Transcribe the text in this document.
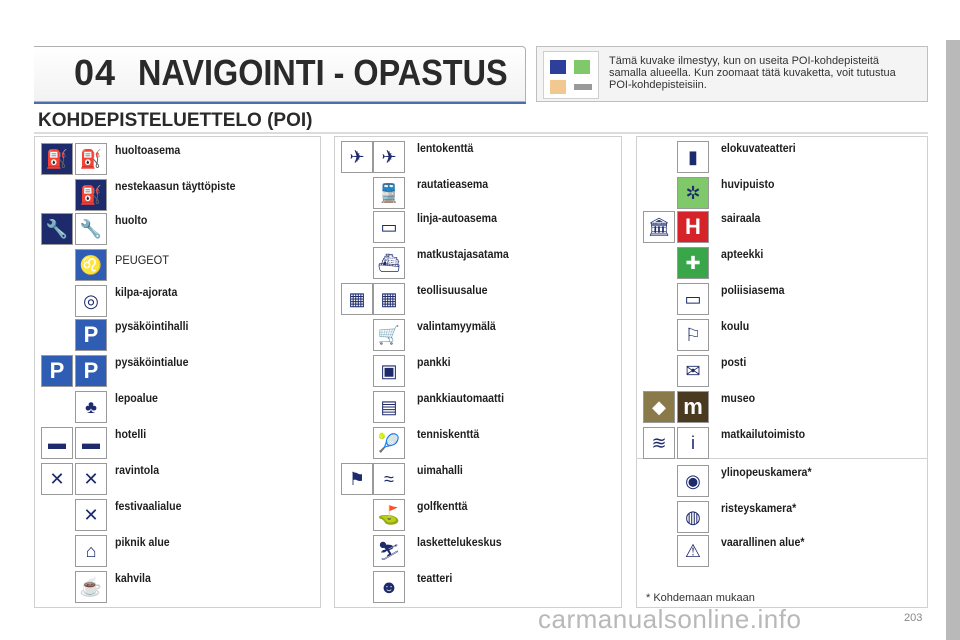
04 NAVIGOINTI - OPASTUS	Tämä kuvake ilmestyy, kun on useita POI-kohdepisteitä samalla alueella. Kun zoomaat tätä kuvaketta, voit tutustua POI-kohdepisteisiin.
KOHDEPISTELUETTELO (POI)
⛽ ⛽	huoltoasema
⛽	nestekaasun täyttöpiste
🔧 🔧	huolto
♌	PEUGEOT
◎	kilpa-ajorata
P	pysäköintihalli
P P	pysäköintialue
♣	lepoalue
▬ ▬	hotelli
✕	✕	ravintola
✕	festivaalialue
⌂	piknik alue
☕	kahvila
✈ ✈	lentokenttä
🚆	rautatieasema
▭	linja-autoasema
⛴	matkustajasatama
▦ ▦	teollisuusalue
🛒	valintamyymälä
▣	pankki
▤	pankkiautomaatti
🎾	tenniskenttä
⚑	≈	uimahalli
⛳	golfkenttä
⛷	laskettelukeskus
☻	teatteri
▮	elokuvateatteri
✲	huvipuisto
🏛 H	sairaala
✚	apteekki
▭	poliisiasema
⚐	koulu
✉	posti
◆ m	museo
≋	i	matkailutoimisto
◉	ylinopeuskamera*
◍	risteyskamera*
⚠	vaarallinen alue*
* Kohdemaan mukaan
203
carmanualsonline.info
